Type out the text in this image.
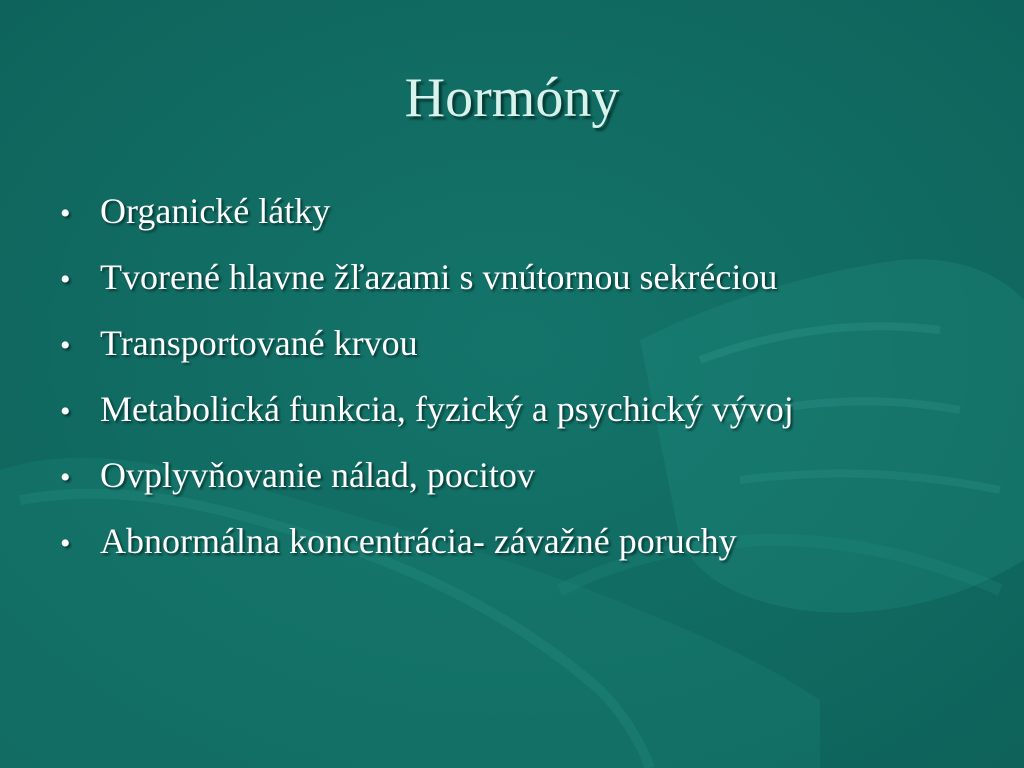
Hormóny
• Organické látky
• Tvorené hlavne žľazami s vnútornou sekréciou
• Transportované krvou
• Metabolická funkcia, fyzický a psychický vývoj
• Ovplyvňovanie nálad, pocitov
• Abnormálna koncentrácia- závažné poruchy
